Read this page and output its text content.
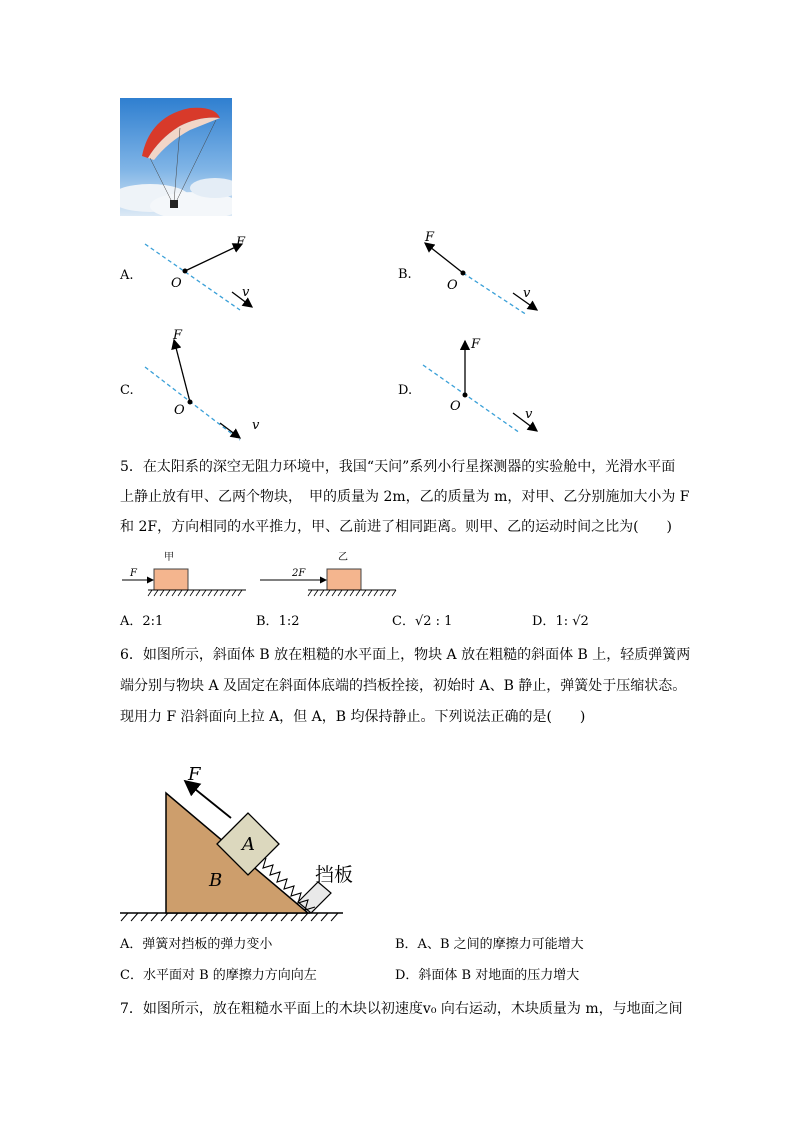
A.	B.
C.	D.
F
O
v
F
O
v
F
O
v
F
O
v
5．在太阳系的深空无阻力环境中，我国“天问”系列小行星探测器的实验舱中，光滑水平面
上静止放有甲、乙两个物块，　甲的质量为 2m，乙的质量为 m，对甲、乙分别施加大小为 F
和 2F，方向相同的水平推力，甲、乙前进了相同距离。则甲、乙的运动时间之比为(　　)
甲
F
乙
2F
A．2:1	B．1:2	C．√2 : 1	D．1: √2
6．如图所示，斜面体 B 放在粗糙的水平面上，物块 A 放在粗糙的斜面体 B 上，轻质弹簧两
端分别与物块 A 及固定在斜面体底端的挡板拴接，初始时 A、B 静止，弹簧处于压缩状态。
现用力 F 沿斜面向上拉 A，但 A，B 均保持静止。下列说法正确的是(　　)
F
A
B	挡板
A．弹簧对挡板的弹力变小	B．A、B 之间的摩擦力可能增大
C．水平面对 B 的摩擦力方向向左	D．斜面体 B 对地面的压力增大
7．如图所示，放在粗糙水平面上的木块以初速度v₀ 向右运动，木块质量为 m，与地面之间
